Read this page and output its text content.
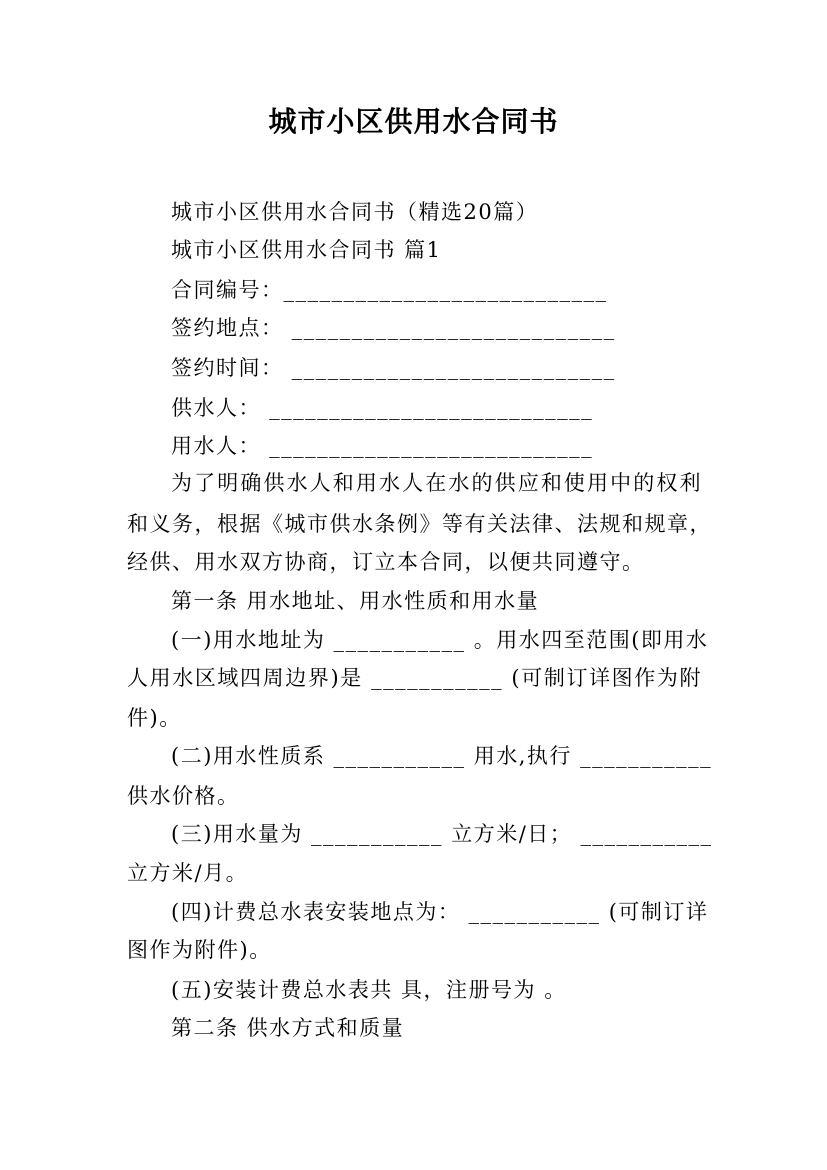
城市小区供用水合同书
城市小区供用水合同书（精选20篇）
城市小区供用水合同书 篇1
合同编号：___________________________
签约地点： ___________________________
签约时间： ___________________________
供水人： ___________________________
用水人： ___________________________
为了明确供水人和用水人在水的供应和使用中的权利
和义务，根据《城市供水条例》等有关法律、法规和规章，
经供、用水双方协商，订立本合同，以便共同遵守。
第一条 用水地址、用水性质和用水量
(一)用水地址为 ___________ 。用水四至范围(即用水
人用水区域四周边界)是 ___________ (可制订详图作为附
件)。
(二)用水性质系 ___________ 用水,执行 ___________
供水价格。
(三)用水量为 ___________ 立方米/日； ___________
立方米/月。
(四)计费总水表安装地点为： ___________ (可制订详
图作为附件)。
(五)安装计费总水表共 具，注册号为 。
第二条 供水方式和质量
